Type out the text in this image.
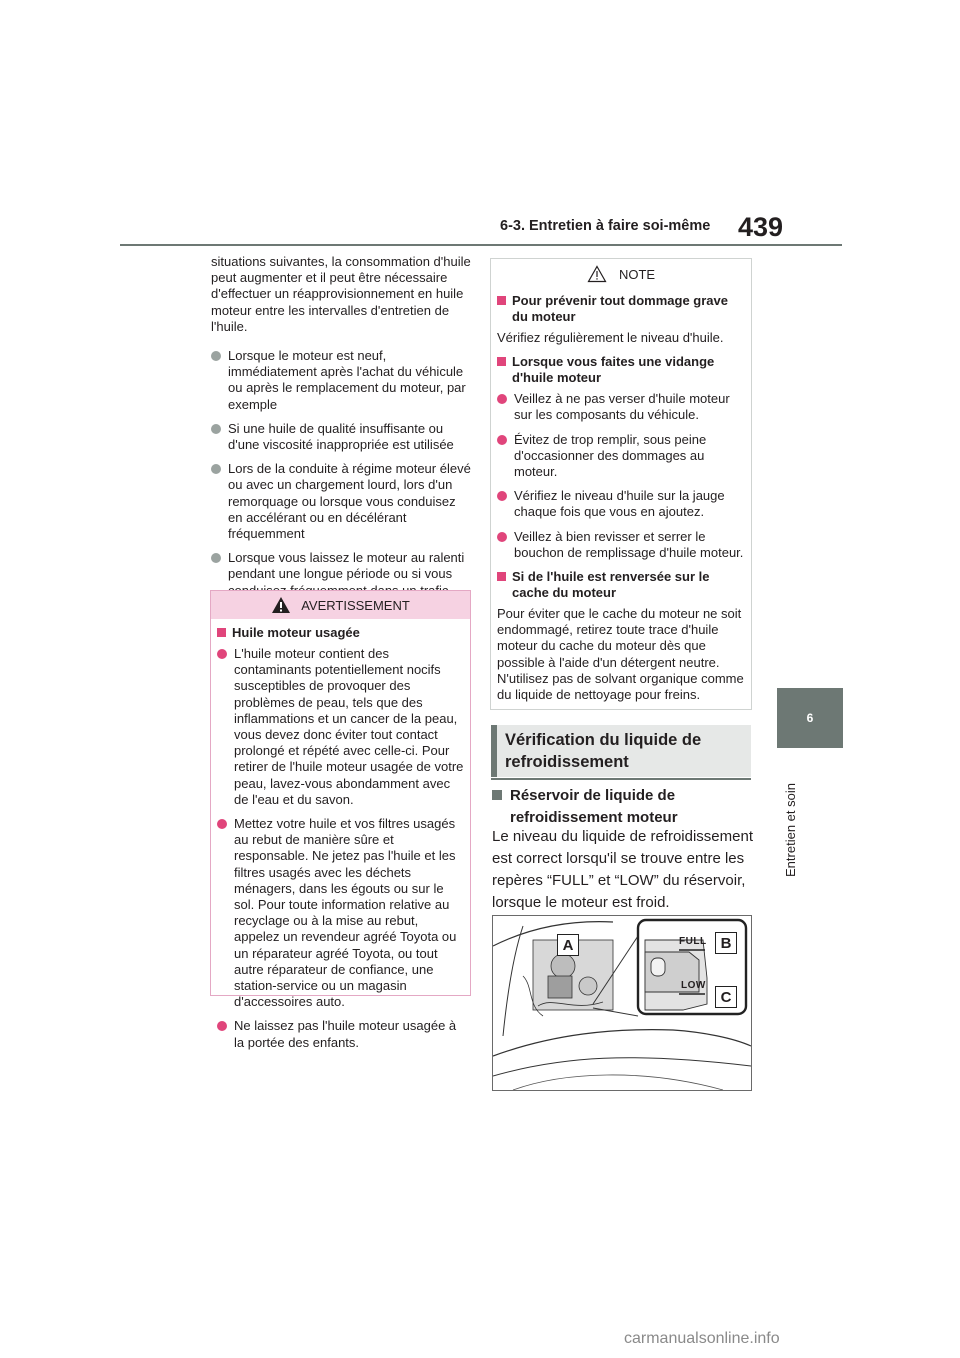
6-3. Entretien à faire soi-même 439
6
Entretien et soin
situations suivantes, la consommation d'huile peut augmenter et il peut être nécessaire d'effectuer un réapprovisionnement en huile moteur entre les intervalles d'entretien de l'huile.
Lorsque le moteur est neuf, immédiatement après l'achat du véhicule ou après le remplacement du moteur, par exemple
Si une huile de qualité insuffisante ou d'une viscosité inappropriée est utilisée
Lors de la conduite à régime moteur élevé ou avec un chargement lourd, lors d'un remorquage ou lorsque vous conduisez en accélérant ou en décélérant fréquemment
Lorsque vous laissez le moteur au ralenti pendant une longue période ou si vous
AVERTISSEMENT
Huile moteur usagée
L'huile moteur contient des contaminants potentiellement nocifs susceptibles de provoquer des problèmes de peau, tels que des inflammations et un cancer de la peau, vous devez donc éviter tout contact prolongé et répété avec celle-ci. Pour retirer de l'huile moteur usagée de votre peau, lavez-vous abondamment avec de l'eau et du savon.
Mettez votre huile et vos filtres usagés au rebut de manière sûre et responsable. Ne jetez pas l'huile et les filtres usagés avec les déchets ménagers, dans les égouts ou sur le sol. Pour toute information relative au recyclage ou à la mise au rebut, appelez un revendeur agréé Toyota ou un réparateur agréé Toyota, ou tout autre réparateur de confiance, une station-service ou un magasin d'accessoires auto.
Ne laissez pas l'huile moteur usagée à la portée des enfants.
NOTE
Pour prévenir tout dommage grave du moteur
Vérifiez régulièrement le niveau d'huile.
Lorsque vous faites une vidange d'huile moteur
Veillez à ne pas verser d'huile moteur sur les composants du véhicule.
Évitez de trop remplir, sous peine d'occasionner des dommages au moteur.
Vérifiez le niveau d'huile sur la jauge chaque fois que vous en ajoutez.
Veillez à bien revisser et serrer le bouchon de remplissage d'huile moteur.
Si de l'huile est renversée sur le cache du moteur
Pour éviter que le cache du moteur ne soit endommagé, retirez toute trace d'huile moteur du cache du moteur dès que possible à l'aide d'un détergent neutre. N'utilisez pas de solvant organique comme du liquide de nettoyage pour freins.
Vérification du liquide de refroidissement
Réservoir de liquide de refroidissement moteur
Le niveau du liquide de refroidissement est correct lorsqu'il se trouve entre les repères “FULL” et “LOW” du réservoir, lorsque le moteur est froid.
FULL
LOW
A	B
C
carmanualsonline.info
